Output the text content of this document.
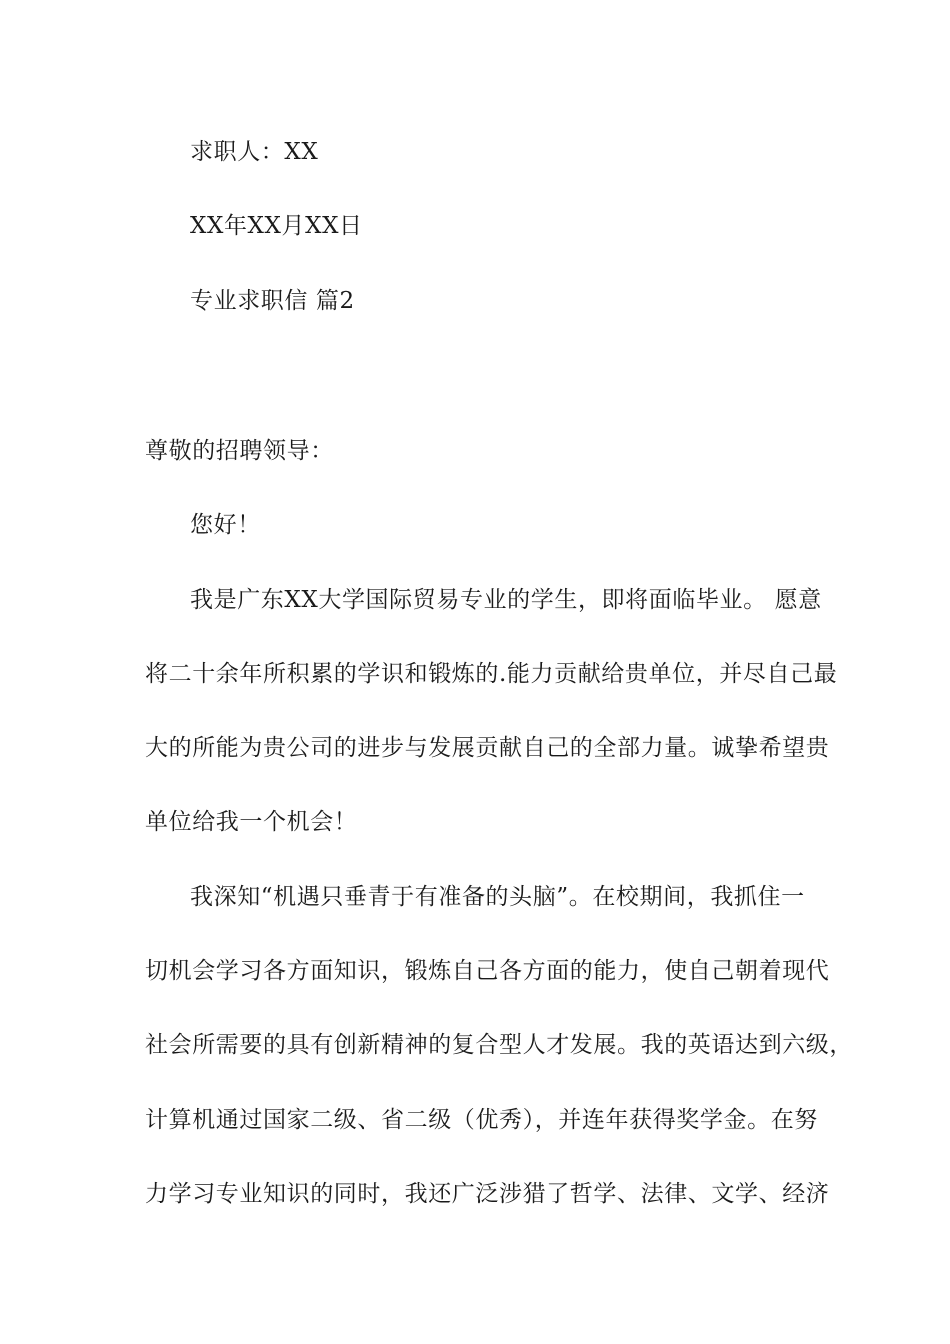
求职人：XX
XX年XX月XX日
专业求职信 篇2
尊敬的招聘领导：
您好！
我是广东XX大学国际贸易专业的学生，即将面临毕业。 愿意
将二十余年所积累的学识和锻炼的.能力贡献给贵单位，并尽自己最
大的所能为贵公司的进步与发展贡献自己的全部力量。诚挚希望贵
单位给我一个机会！
我深知“机遇只垂青于有准备的头脑”。在校期间，我抓住一
切机会学习各方面知识，锻炼自己各方面的能力，使自己朝着现代
社会所需要的具有创新精神的复合型人才发展。我的英语达到六级，
计算机通过国家二级、省二级（优秀），并连年获得奖学金。在努
力学习专业知识的同时，我还广泛涉猎了哲学、法律、文学、经济
